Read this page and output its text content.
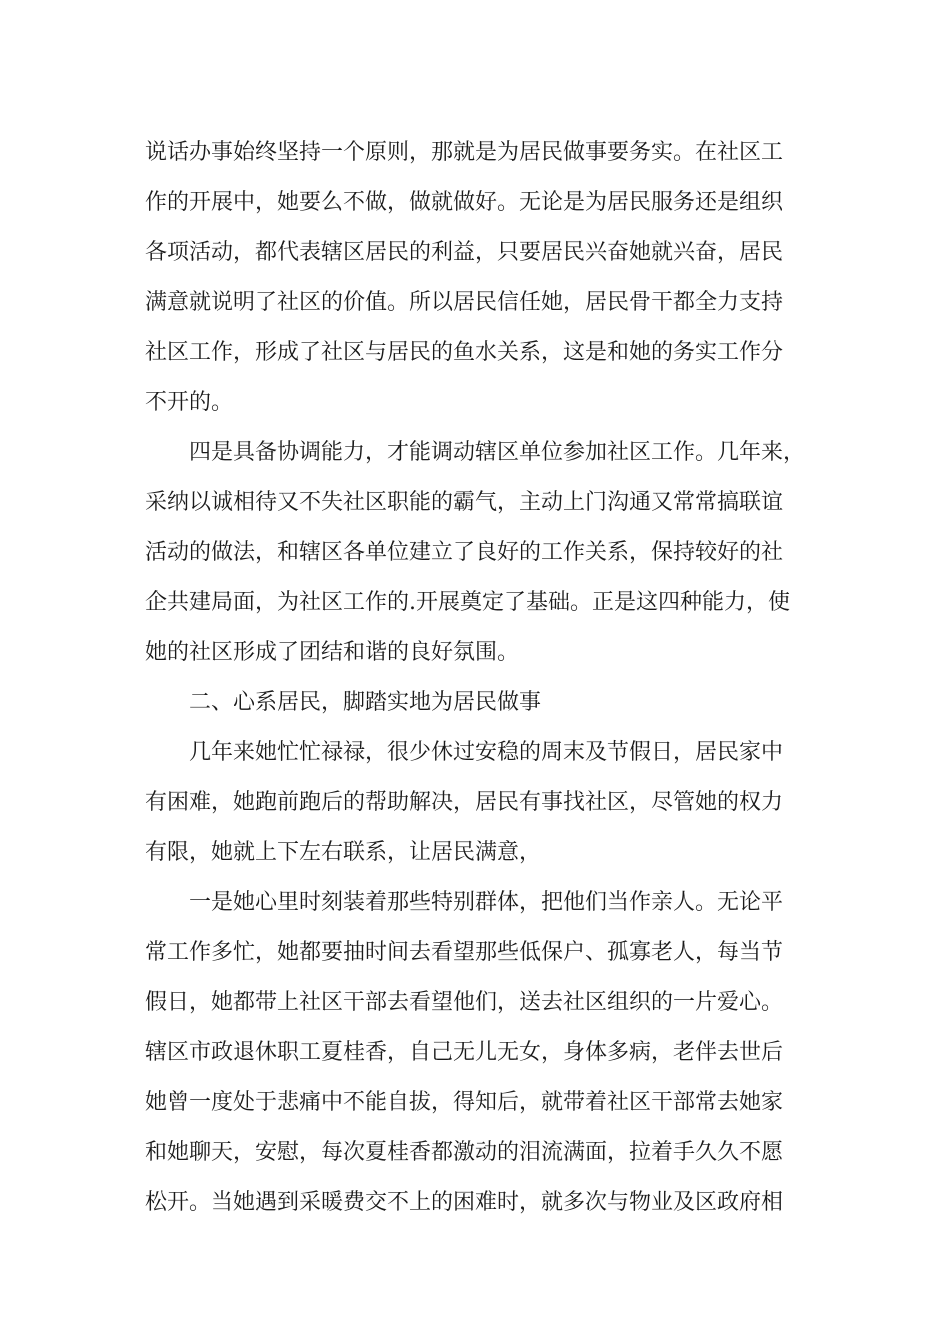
说话办事始终坚持一个原则，那就是为居民做事要务实。在社区工
作的开展中，她要么不做，做就做好。无论是为居民服务还是组织
各项活动，都代表辖区居民的利益，只要居民兴奋她就兴奋，居民
满意就说明了社区的价值。所以居民信任她，居民骨干都全力支持
社区工作，形成了社区与居民的鱼水关系，这是和她的务实工作分
不开的。
　　四是具备协调能力，才能调动辖区单位参加社区工作。几年来，
采纳以诚相待又不失社区职能的霸气，主动上门沟通又常常搞联谊
活动的做法，和辖区各单位建立了良好的工作关系，保持较好的社
企共建局面，为社区工作的.开展奠定了基础。正是这四种能力，使
她的社区形成了团结和谐的良好氛围。
　　二、心系居民，脚踏实地为居民做事
　　几年来她忙忙禄禄，很少休过安稳的周末及节假日，居民家中
有困难，她跑前跑后的帮助解决，居民有事找社区，尽管她的权力
有限，她就上下左右联系，让居民满意，
　　一是她心里时刻装着那些特别群体，把他们当作亲人。无论平
常工作多忙，她都要抽时间去看望那些低保户、孤寡老人，每当节
假日，她都带上社区干部去看望他们，送去社区组织的一片爱心。
辖区市政退休职工夏桂香，自己无儿无女，身体多病，老伴去世后
她曾一度处于悲痛中不能自拔，得知后，就带着社区干部常去她家
和她聊天，安慰，每次夏桂香都激动的泪流满面，拉着手久久不愿
松开。当她遇到采暖费交不上的困难时，就多次与物业及区政府相
